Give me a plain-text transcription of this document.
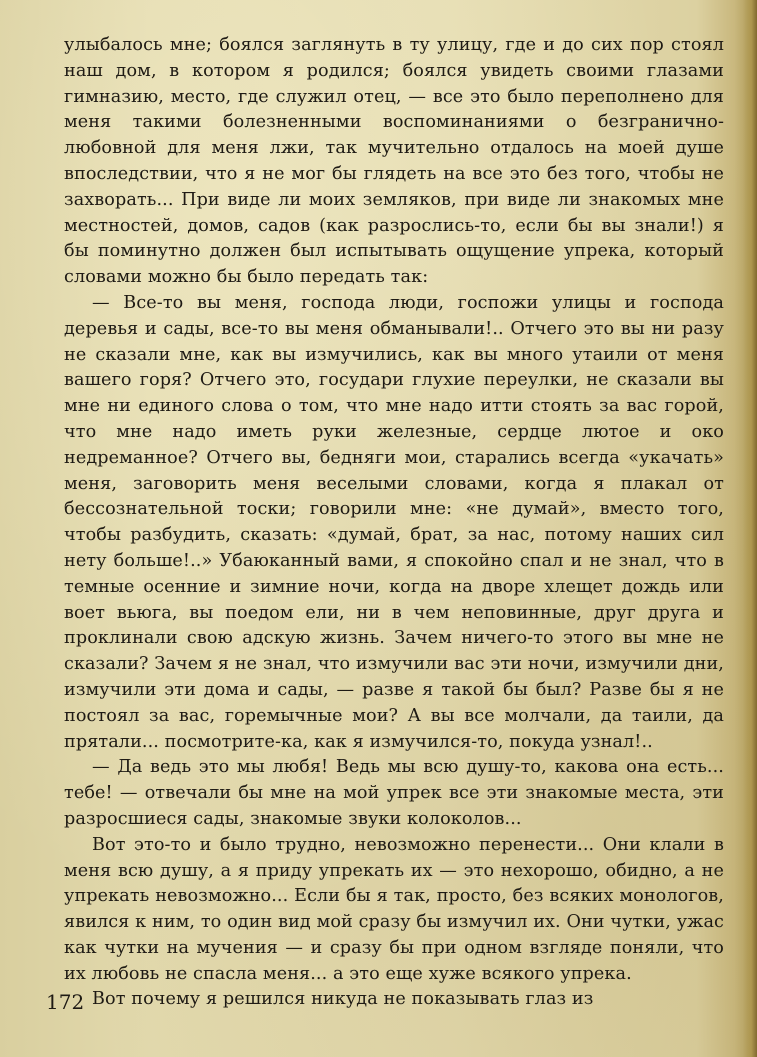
улыбалось мне; боялся заглянуть в ту улицу, где и до сих пор стоял наш дом, в котором я родился; боялся увидеть своими глазами гимназию, место, где служил отец, — все это было переполнено для меня такими болезненными воспоминаниями о безгранично-любовной для меня лжи, так мучительно отдалось на моей душе впоследствии, что я не мог бы глядеть на все это без того, чтобы не захворать... При виде ли моих земляков, при виде ли знакомых мне местностей, домов, садов (как разрослись-то, если бы вы знали!) я бы поминутно должен был испытывать ощущение упрека, который словами можно бы было передать так:

— Все-то вы меня, господа люди, госпожи улицы и господа деревья и сады, все-то вы меня обманывали!.. Отчего это вы ни разу не сказали мне, как вы измучились, как вы много утаили от меня вашего горя? Отчего это, государи глухие переулки, не сказали вы мне ни единого слова о том, что мне надо итти стоять за вас горой, что мне надо иметь руки железные, сердце лютое и око недреманное? Отчего вы, бедняги мои, старались всегда «укачать» меня, заговорить меня веселыми словами, когда я плакал от бессознательной тоски; говорили мне: «не думай», вместо того, чтобы разбудить, сказать: «думай, брат, за нас, потому наших сил нету больше!..» Убаюканный вами, я спокойно спал и не знал, что в темные осенние и зимние ночи, когда на дворе хлещет дождь или воет вьюга, вы поедом ели, ни в чем неповинные, друг друга и проклинали свою адскую жизнь. Зачем ничего-то этого вы мне не сказали? Зачем я не знал, что измучили вас эти ночи, измучили дни, измучили эти дома и сады, — разве я такой бы был? Разве бы я не постоял за вас, горемычные мои? А вы все молчали, да таили, да прятали... посмотрите-ка, как я измучился-то, покуда узнал!..

— Да ведь это мы любя! Ведь мы всю душу-то, какова она есть... тебе! — отвечали бы мне на мой упрек все эти знакомые места, эти разросшиеся сады, знакомые звуки колоколов...

Вот это-то и было трудно, невозможно перенести... Они клали в меня всю душу, а я приду упрекать их — это нехорошо, обидно, а не упрекать невозможно... Если бы я так, просто, без всяких монологов, явился к ним, то один вид мой сразу бы измучил их. Они чутки, ужас как чутки на мучения — и сразу бы при одном взгляде поняли, что их любовь не спасла меня... а это еще хуже всякого упрека.

Вот почему я решился никуда не показывать глаз из

172
